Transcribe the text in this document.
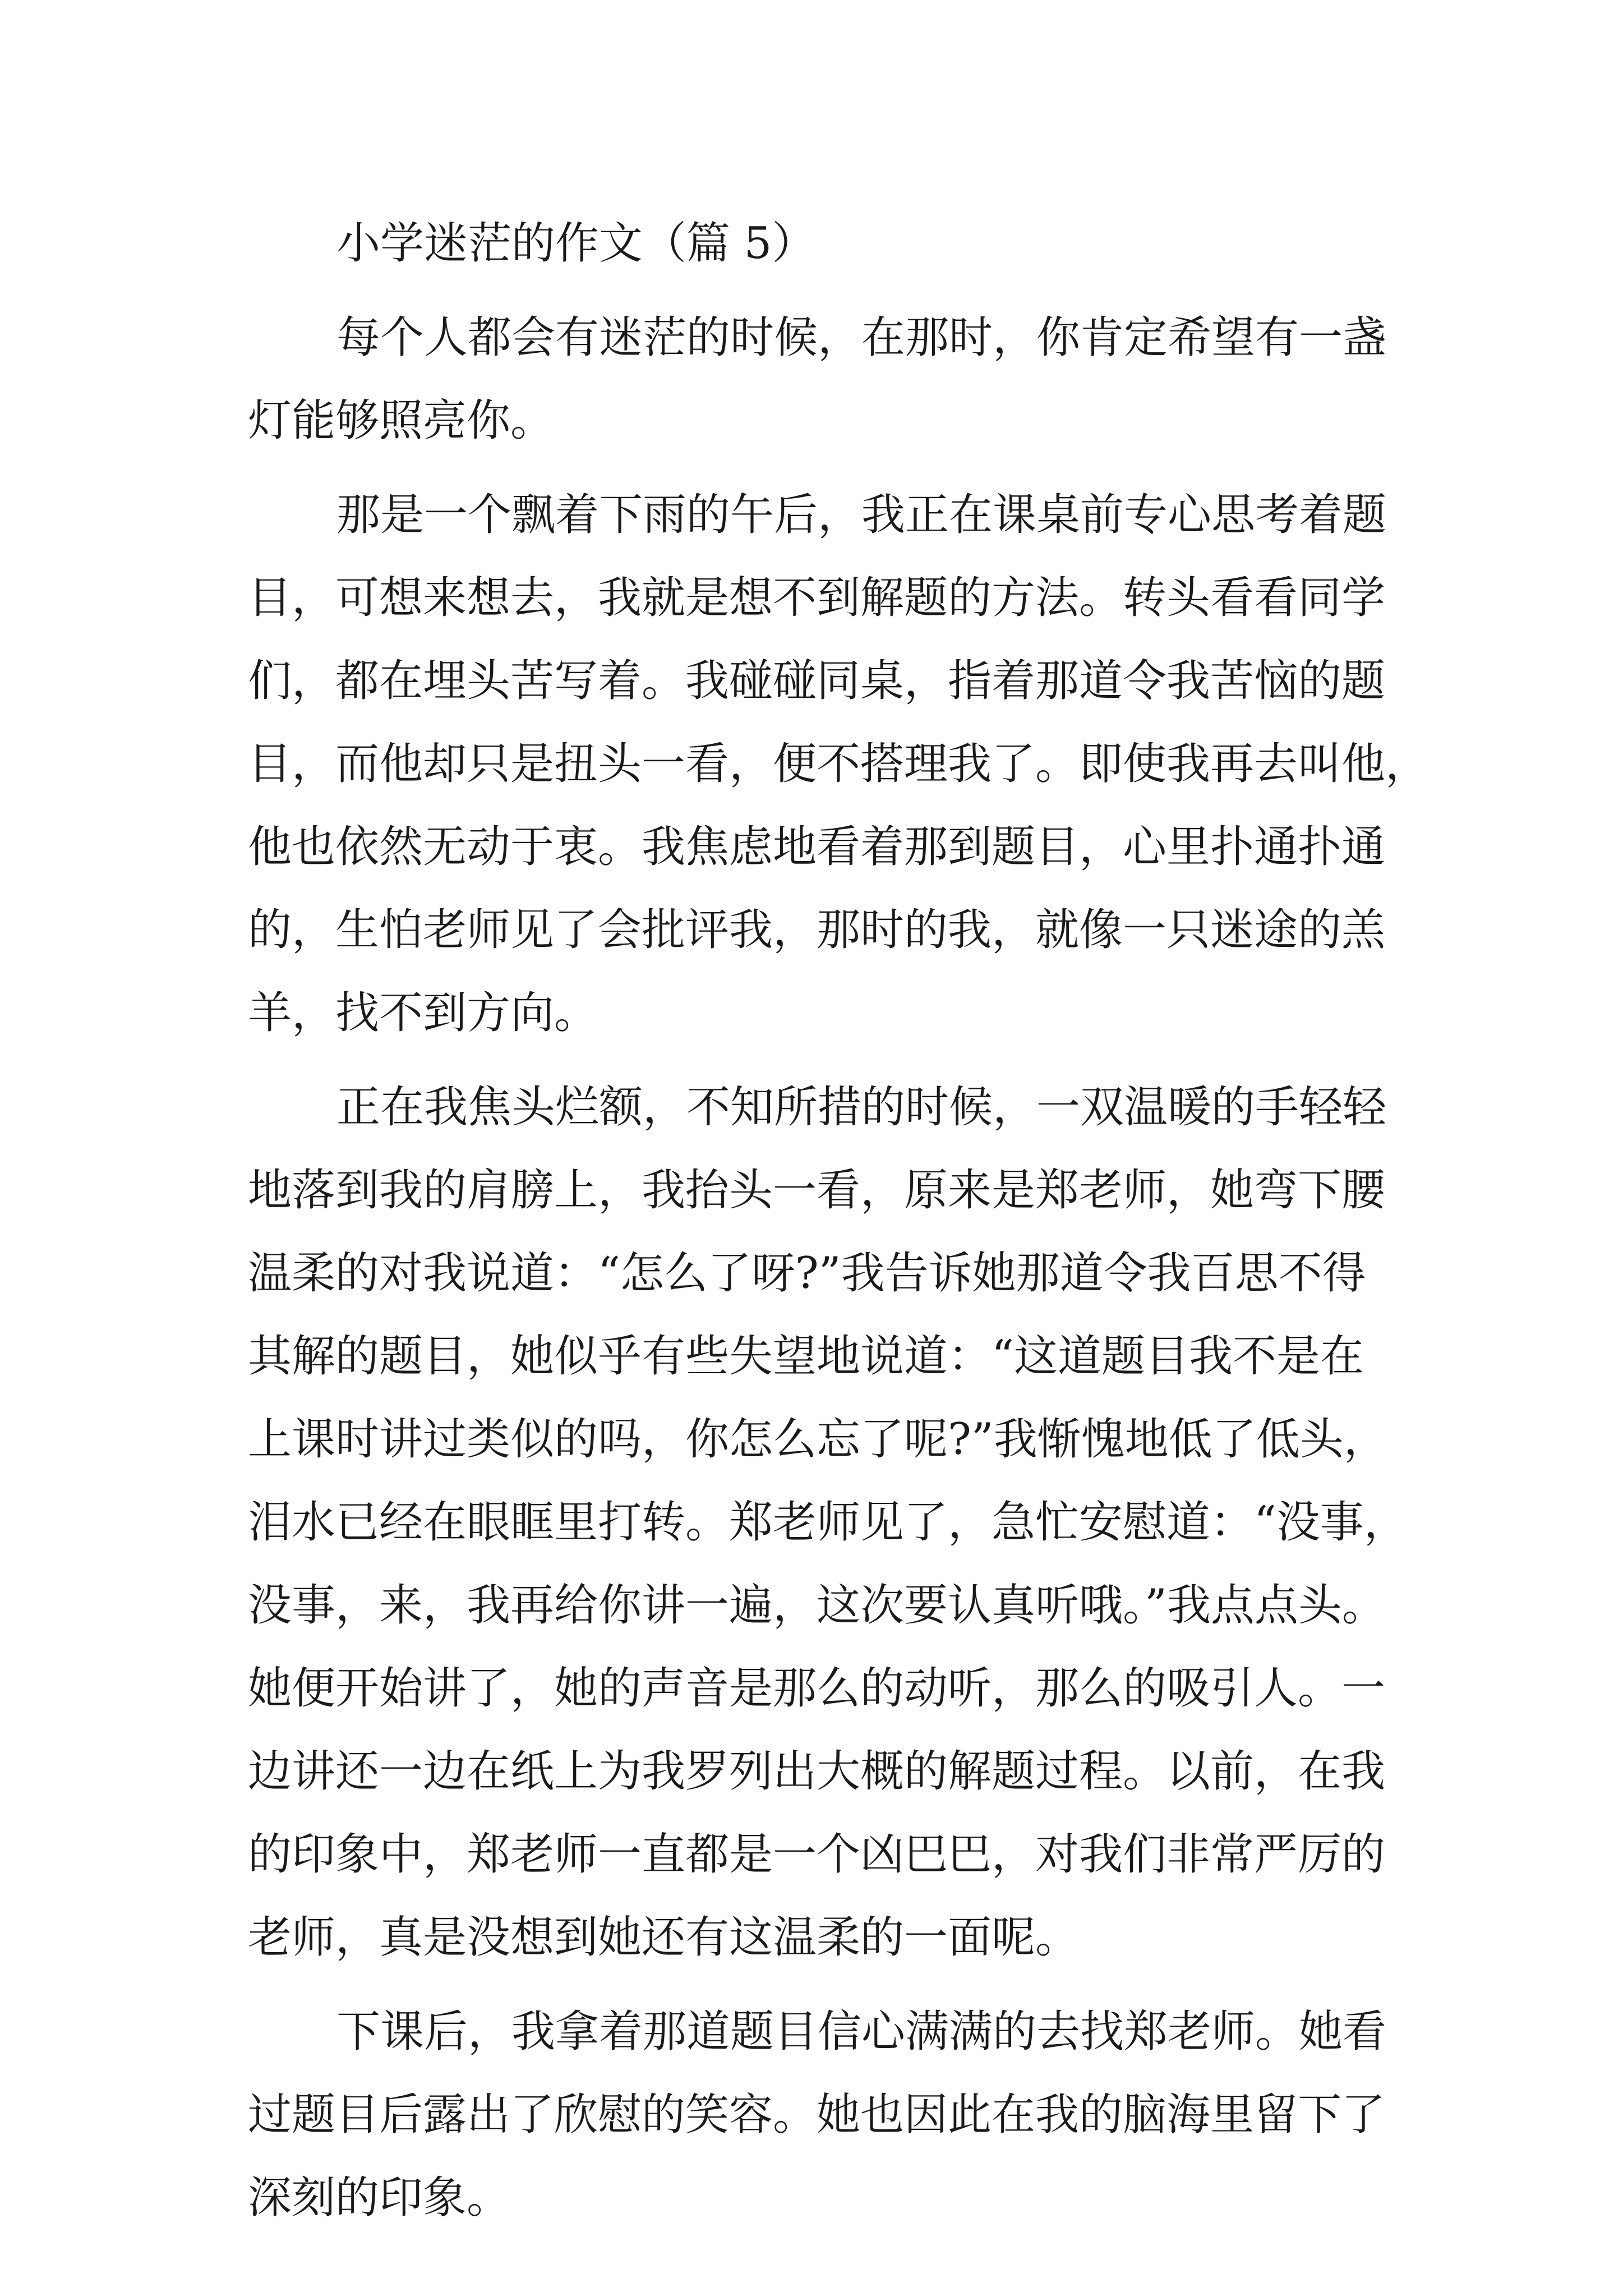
小学迷茫的作文（篇 5）
每个人都会有迷茫的时候，在那时，你肯定希望有一盏
灯能够照亮你。
那是一个飘着下雨的午后，我正在课桌前专心思考着题
目，可想来想去，我就是想不到解题的方法。转头看看同学
们，都在埋头苦写着。我碰碰同桌，指着那道令我苦恼的题
目，而他却只是扭头一看，便不搭理我了。即使我再去叫他，
他也依然无动于衷。我焦虑地看着那到题目，心里扑通扑通
的，生怕老师见了会批评我，那时的我，就像一只迷途的羔
羊，找不到方向。
正在我焦头烂额，不知所措的时候，一双温暖的手轻轻
地落到我的肩膀上，我抬头一看，原来是郑老师，她弯下腰
温柔的对我说道：“怎么了呀?”我告诉她那道令我百思不得
其解的题目，她似乎有些失望地说道：“这道题目我不是在
上课时讲过类似的吗，你怎么忘了呢?”我惭愧地低了低头，
泪水已经在眼眶里打转。郑老师见了，急忙安慰道：“没事，
没事，来，我再给你讲一遍，这次要认真听哦。”我点点头。
她便开始讲了，她的声音是那么的动听，那么的吸引人。一
边讲还一边在纸上为我罗列出大概的解题过程。以前，在我
的印象中，郑老师一直都是一个凶巴巴，对我们非常严厉的
老师，真是没想到她还有这温柔的一面呢。
下课后，我拿着那道题目信心满满的去找郑老师。她看
过题目后露出了欣慰的笑容。她也因此在我的脑海里留下了
深刻的印象。
